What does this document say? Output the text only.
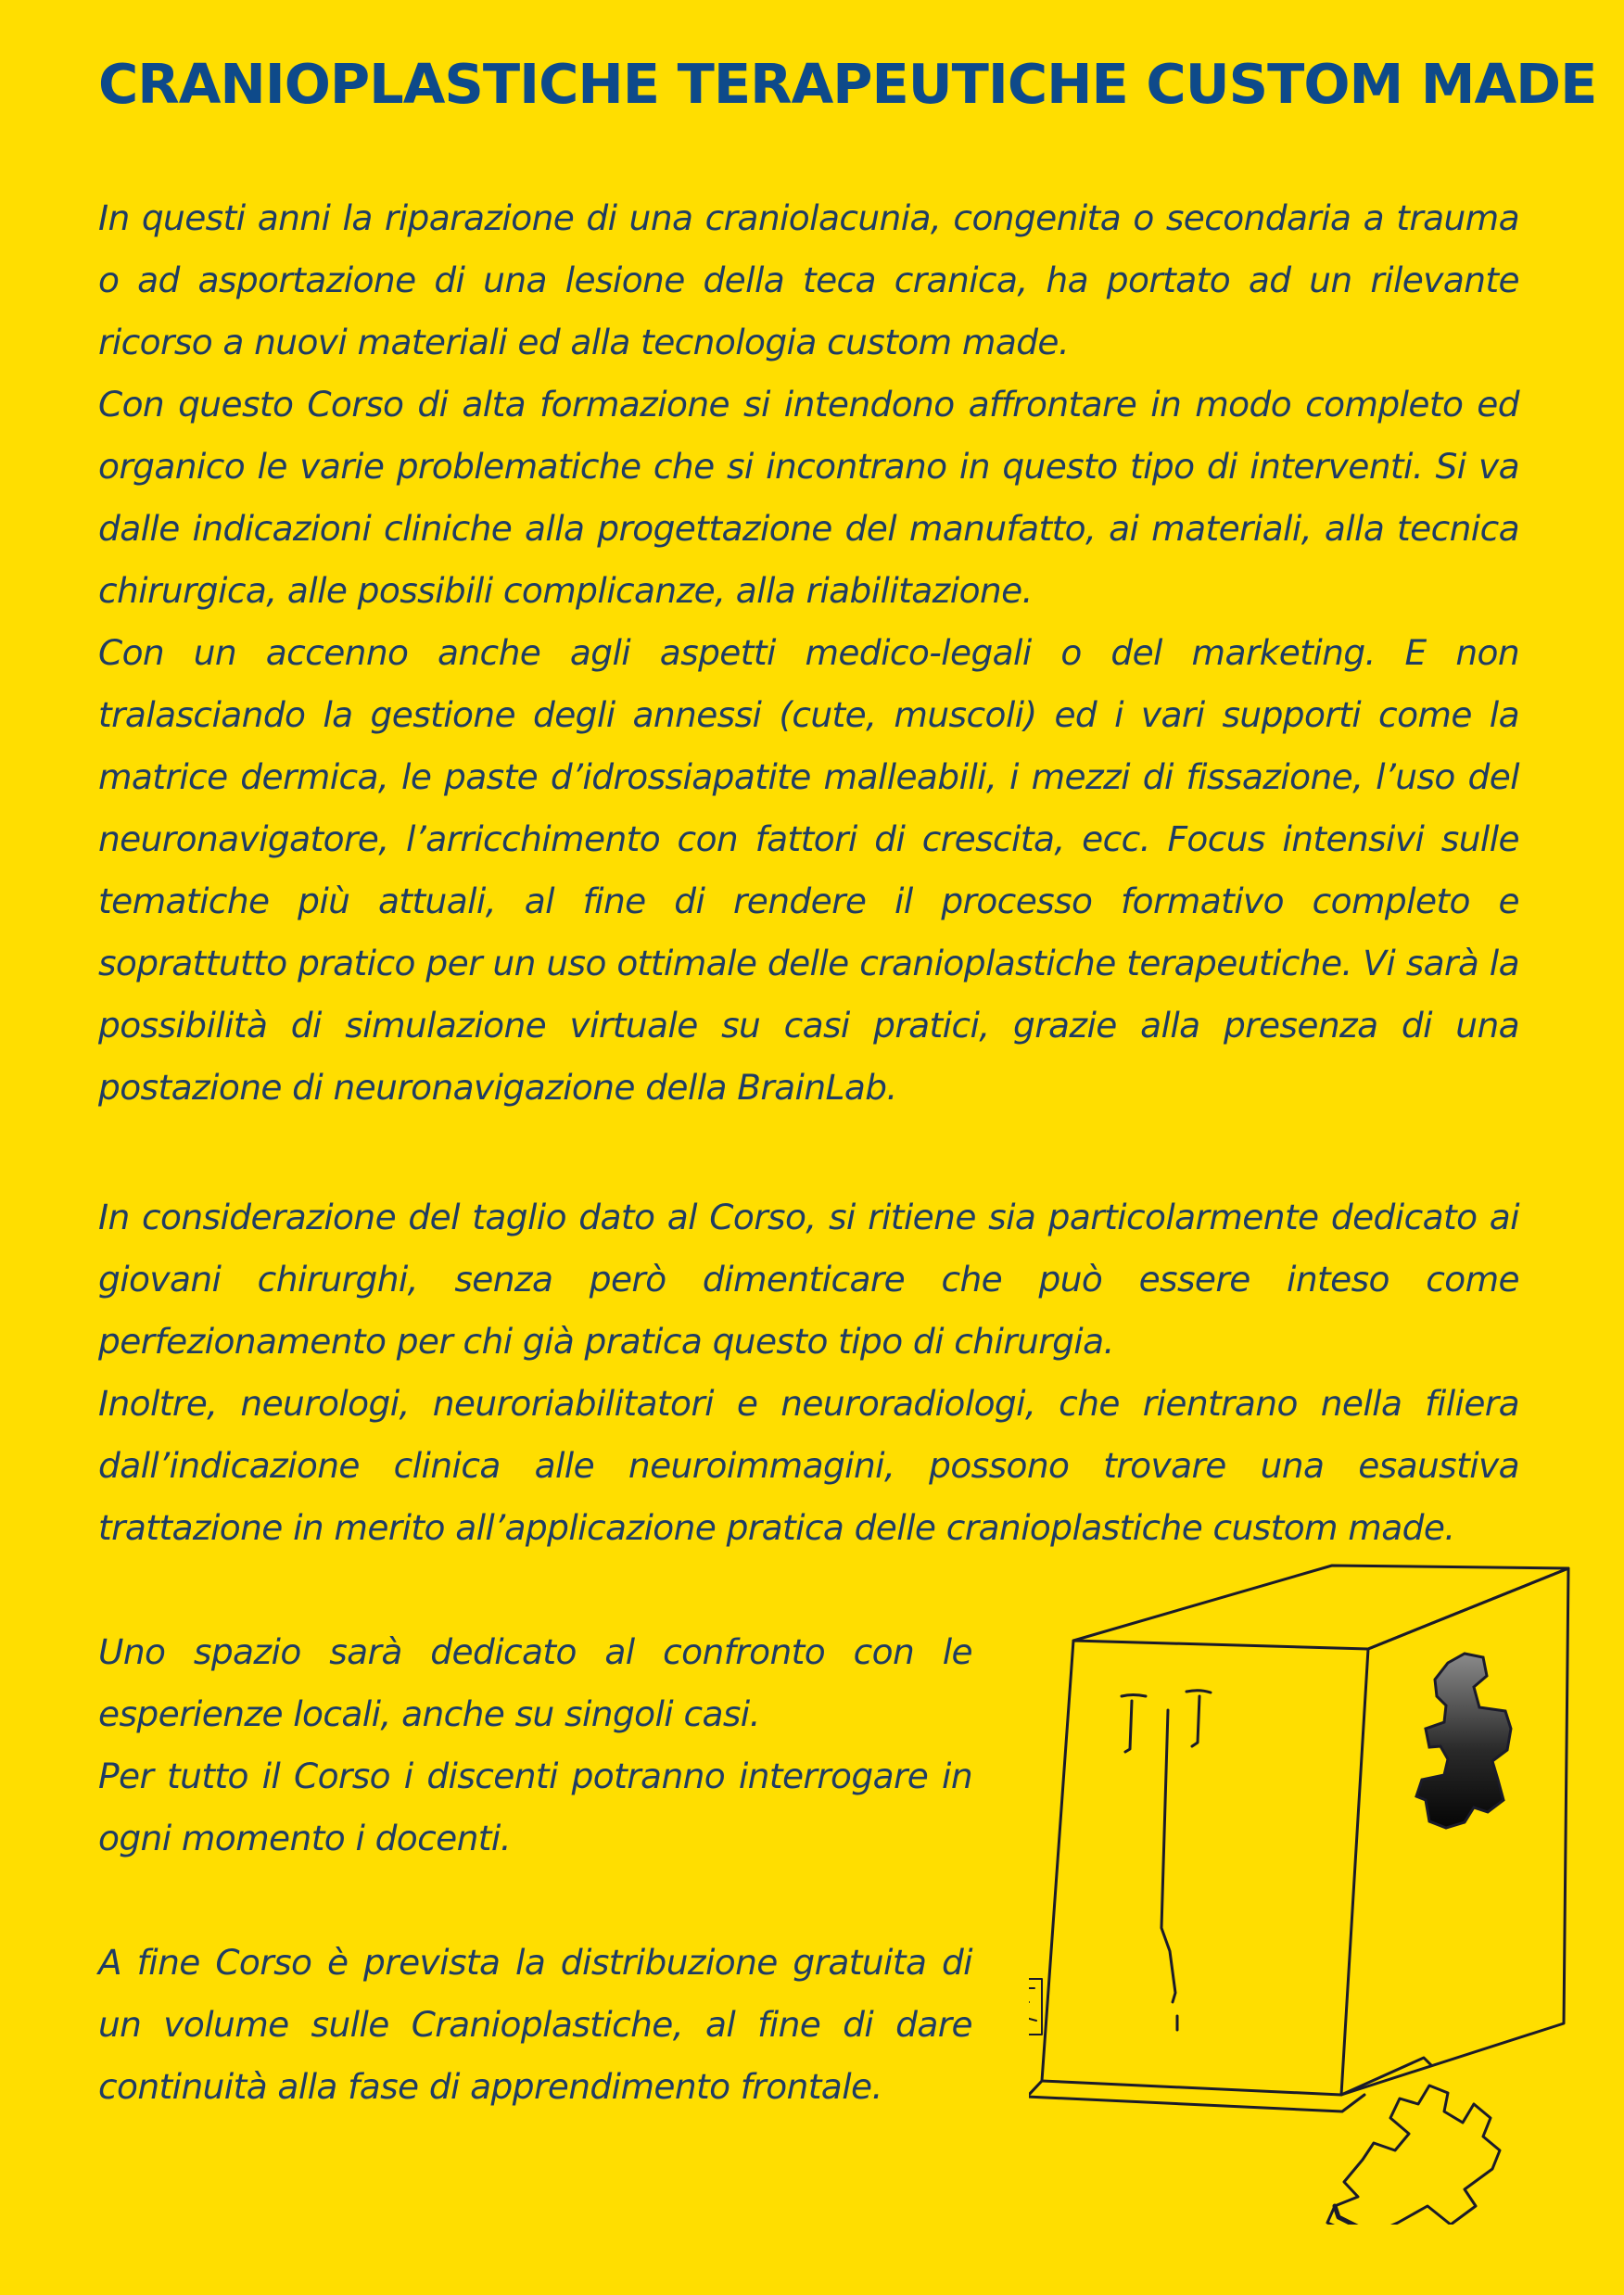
CRANIOPLASTICHE TERAPEUTICHE CUSTOM MADE

In questi anni la riparazione di una craniolacunia, congenita o secondaria a trauma o ad asportazione di una lesione della teca cranica, ha portato ad un rilevante ricorso a nuovi materiali ed alla tecnologia custom made.

Con questo Corso di alta formazione si intendono affrontare in modo completo ed organico le varie problematiche che si incontrano in questo tipo di interventi. Si va dalle indicazioni cliniche alla progettazione del manufatto, ai materiali, alla tecnica chirurgica, alle possibili complicanze, alla riabilitazione.

Con un accenno anche agli aspetti medico-legali o del marketing. E non tralasciando la gestione degli annessi (cute, muscoli) ed i vari supporti come la matrice dermica, le paste d’idrossiapatite malleabili, i mezzi di fissazione, l’uso del neuronavigatore, l’arricchimento con fattori di crescita, ecc. Focus intensivi sulle tematiche più attuali, al fine di rendere il processo formativo completo e soprattutto pratico per un uso ottimale delle cranioplastiche terapeutiche. Vi sarà la possibilità di simulazione virtuale su casi pratici, grazie alla presenza di una postazione di neuronavigazione della BrainLab.

In considerazione del taglio dato al Corso, si ritiene sia particolarmente dedicato ai giovani chirurghi, senza però dimenticare che può essere inteso come perfezionamento per chi già pratica questo tipo di chirurgia.

Inoltre, neurologi, neuroriabilitatori e neuroradiologi, che rientrano nella filiera dall’indicazione clinica alle neuroimmagini, possono trovare una esaustiva trattazione in merito all’applicazione pratica delle cranioplastiche custom made.

Uno spazio sarà dedicato al confronto con le esperienze locali, anche su singoli casi.

Per tutto il Corso i discenti potranno interrogare in ogni momento i docenti.

A fine Corso è prevista la distribuzione gratuita di un volume sulle Cranioplastiche, al fine di dare continuità alla fase di apprendimento frontale.
